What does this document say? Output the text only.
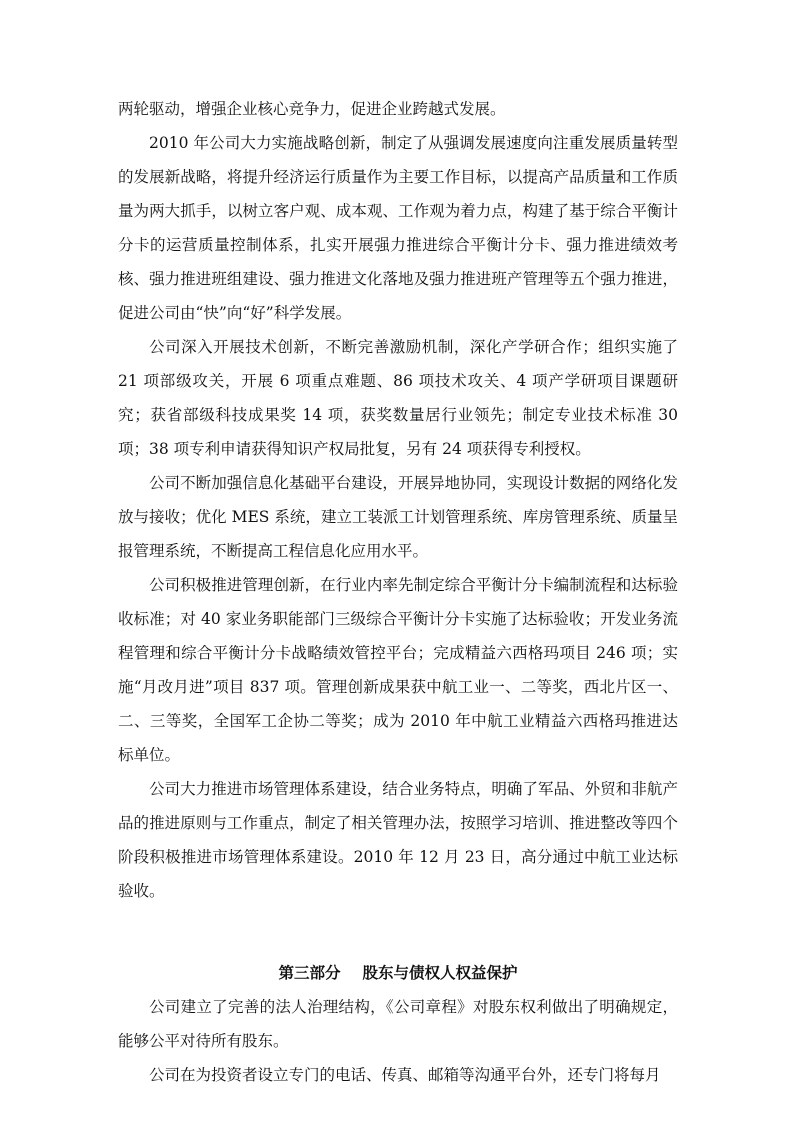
两轮驱动，增强企业核心竞争力，促进企业跨越式发展。

2010 年公司大力实施战略创新，制定了从强调发展速度向注重发展质量转型的发展新战略，将提升经济运行质量作为主要工作目标，以提高产品质量和工作质量为两大抓手，以树立客户观、成本观、工作观为着力点，构建了基于综合平衡计分卡的运营质量控制体系，扎实开展强力推进综合平衡计分卡、强力推进绩效考核、强力推进班组建设、强力推进文化落地及强力推进班产管理等五个强力推进，促进公司由“快”向“好”科学发展。

公司深入开展技术创新，不断完善激励机制，深化产学研合作；组织实施了 21 项部级攻关，开展 6 项重点难题、86 项技术攻关、4 项产学研项目课题研究；获省部级科技成果奖 14 项，获奖数量居行业领先；制定专业技术标准 30 项；38 项专利申请获得知识产权局批复，另有 24 项获得专利授权。

公司不断加强信息化基础平台建设，开展异地协同，实现设计数据的网络化发放与接收；优化 MES 系统，建立工装派工计划管理系统、库房管理系统、质量呈报管理系统，不断提高工程信息化应用水平。

公司积极推进管理创新，在行业内率先制定综合平衡计分卡编制流程和达标验收标准；对 40 家业务职能部门三级综合平衡计分卡实施了达标验收；开发业务流程管理和综合平衡计分卡战略绩效管控平台；完成精益六西格玛项目 246 项；实施“月改月进”项目 837 项。管理创新成果获中航工业一、二等奖，西北片区一、二、三等奖，全国军工企协二等奖；成为 2010 年中航工业精益六西格玛推进达标单位。

公司大力推进市场管理体系建设，结合业务特点，明确了军品、外贸和非航产品的推进原则与工作重点，制定了相关管理办法，按照学习培训、推进整改等四个阶段积极推进市场管理体系建设。2010 年 12 月 23 日，高分通过中航工业达标验收。

第三部分 股东与债权人权益保护

公司建立了完善的法人治理结构，《公司章程》对股东权利做出了明确规定，能够公平对待所有股东。

公司在为投资者设立专门的电话、传真、邮箱等沟通平台外，还专门将每月
